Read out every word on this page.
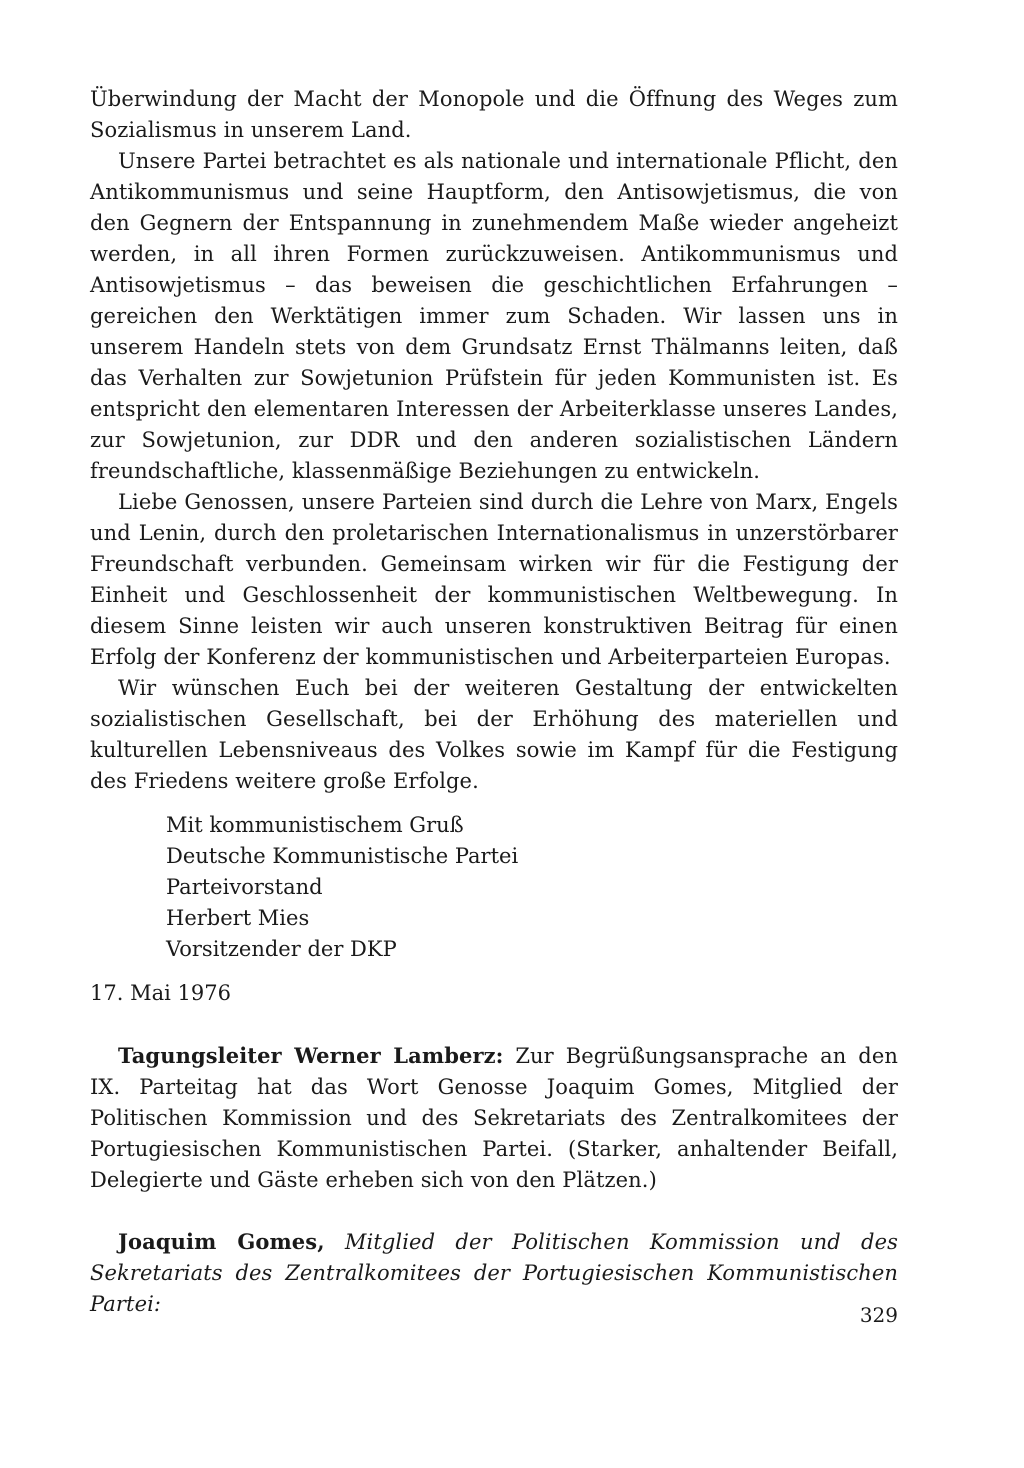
Überwindung der Macht der Monopole und die Öffnung des Weges zum Sozialismus in unserem Land.

Unsere Partei betrachtet es als nationale und internationale Pflicht, den Antikommunismus und seine Hauptform, den Antisowjetismus, die von den Gegnern der Entspannung in zunehmendem Maße wieder angeheizt werden, in all ihren Formen zurückzuweisen. Antikommunismus und Antisowjetismus – das beweisen die geschichtlichen Erfahrungen – gereichen den Werktätigen immer zum Schaden. Wir lassen uns in unserem Handeln stets von dem Grundsatz Ernst Thälmanns leiten, daß das Verhalten zur Sowjetunion Prüfstein für jeden Kommunisten ist. Es entspricht den elementaren Interessen der Arbeiterklasse unseres Landes, zur Sowjetunion, zur DDR und den anderen sozialistischen Ländern freundschaftliche, klassenmäßige Beziehungen zu entwickeln.

Liebe Genossen, unsere Parteien sind durch die Lehre von Marx, Engels und Lenin, durch den proletarischen Internationalismus in unzerstörbarer Freundschaft verbunden. Gemeinsam wirken wir für die Festigung der Einheit und Geschlossenheit der kommunistischen Weltbewegung. In diesem Sinne leisten wir auch unseren konstruktiven Beitrag für einen Erfolg der Konferenz der kommunistischen und Arbeiterparteien Europas.

Wir wünschen Euch bei der weiteren Gestaltung der entwickelten sozialistischen Gesellschaft, bei der Erhöhung des materiellen und kulturellen Lebensniveaus des Volkes sowie im Kampf für die Festigung des Friedens weitere große Erfolge.

Mit kommunistischem Gruß
Deutsche Kommunistische Partei
Parteivorstand
Herbert Mies
Vorsitzender der DKP
17. Mai 1976

Tagungsleiter Werner Lamberz: Zur Begrüßungsansprache an den IX. Parteitag hat das Wort Genosse Joaquim Gomes, Mitglied der Politischen Kommission und des Sekretariats des Zentralkomitees der Portugiesischen Kommunistischen Partei. (Starker, anhaltender Beifall, Delegierte und Gäste erheben sich von den Plätzen.)

Joaquim Gomes, Mitglied der Politischen Kommission und des Sekretariats des Zentralkomitees der Portugiesischen Kommunistischen Partei:	329
